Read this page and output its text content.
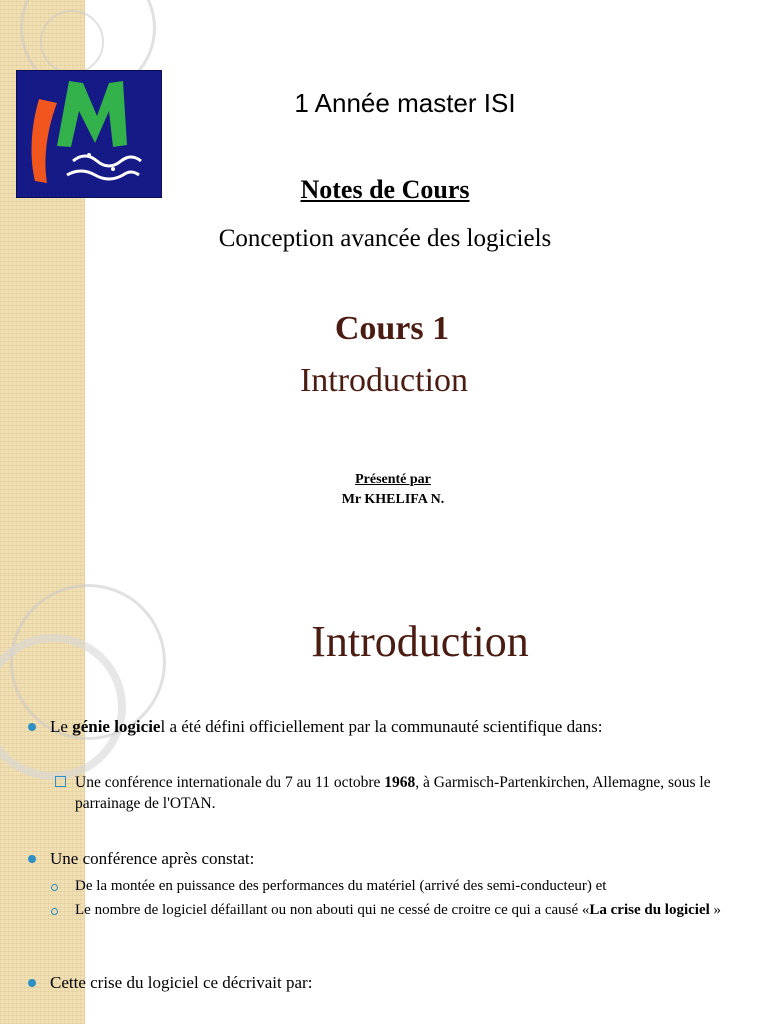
1 Année master ISI
Notes de Cours
Conception avancée des logiciels
Cours 1
Introduction
Présenté par
Mr KHELIFA N.
Introduction
Le génie logiciel a été défini officiellement par la communauté scientifique dans:
Une conférence internationale du 7 au 11 octobre 1968, à Garmisch-Partenkirchen, Allemagne, sous le parrainage de l'OTAN.
Une conférence après constat:
De la montée en puissance des performances du matériel (arrivé des semi-conducteur) et
Le nombre de logiciel défaillant ou non abouti qui ne cessé de croitre ce qui a causé «La crise du logiciel »
Cette crise du logiciel ce décrivait par:
